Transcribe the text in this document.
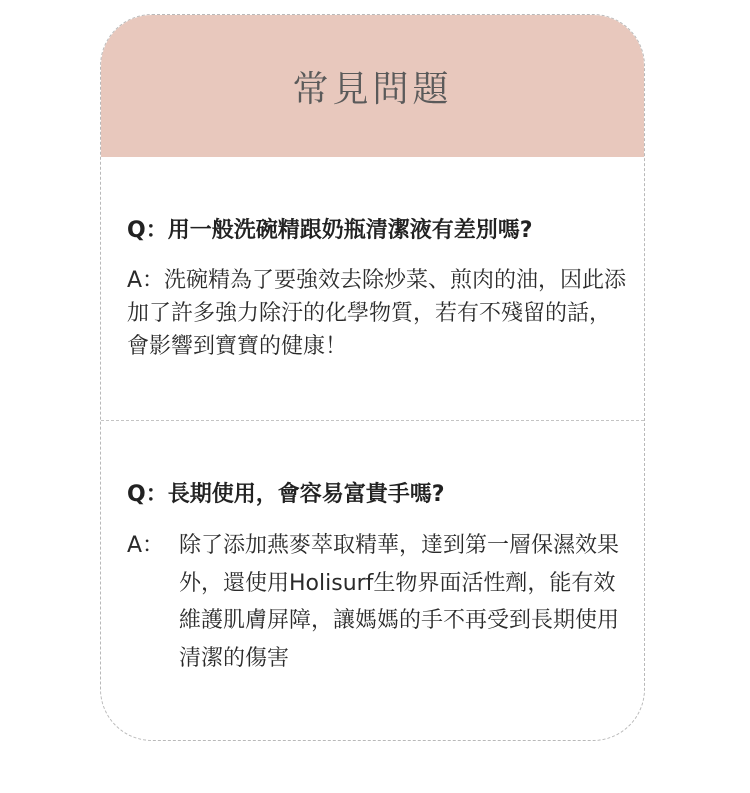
常見問題
Q： 用一般洗碗精跟奶瓶清潔液有差別嗎?
A：洗碗精為了要強效去除炒菜、煎肉的油，因此添加了許多強力除汙的化學物質，若有不殘留的話，會影響到寶寶的健康！
Q： 長期使用，會容易富貴手嗎?
A： 除了添加燕麥萃取精華，達到第一層保濕效果外，還使用Holisurf生物界面活性劑，能有效維護肌膚屏障，讓媽媽的手不再受到長期使用清潔的傷害
